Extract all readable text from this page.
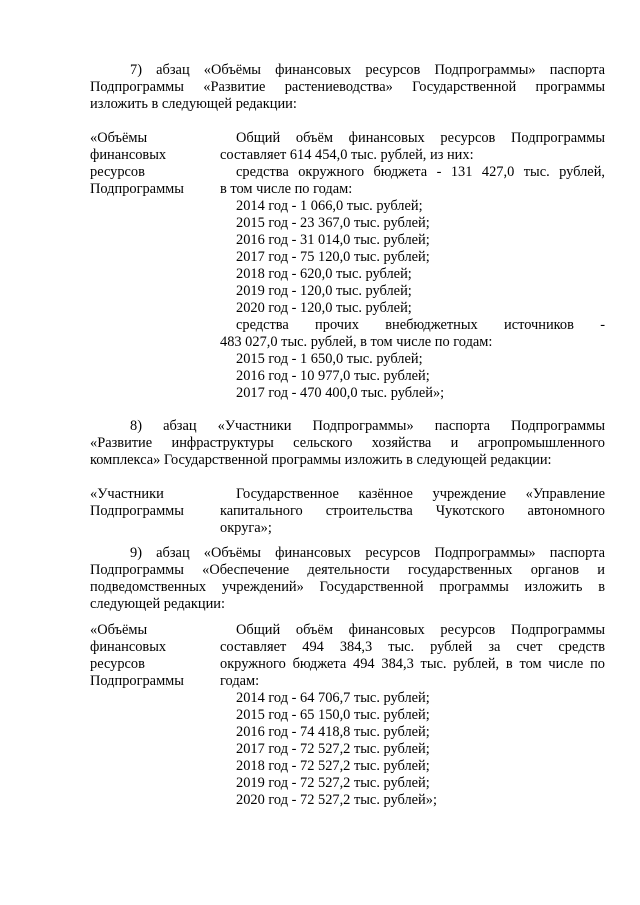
7) абзац «Объёмы финансовых ресурсов Подпрограммы» паспорта
Подпрограммы «Развитие растениеводства» Государственной программы
изложить в следующей редакции:
«Объёмы
финансовых
ресурсов
Подпрограммы
Общий объём финансовых ресурсов Подпрограммы
составляет 614 454,0 тыс. рублей, из них:
средства окружного бюджета - 131 427,0 тыс. рублей,
в том числе по годам:
2014 год - 1 066,0 тыс. рублей;
2015 год - 23 367,0 тыс. рублей;
2016 год - 31 014,0 тыс. рублей;
2017 год - 75 120,0 тыс. рублей;
2018 год - 620,0 тыс. рублей;
2019 год - 120,0 тыс. рублей;
2020 год - 120,0 тыс. рублей;
средства прочих внебюджетных источников -
483 027,0 тыс. рублей, в том числе по годам:
2015 год - 1 650,0 тыс. рублей;
2016 год - 10 977,0 тыс. рублей;
2017 год - 470 400,0 тыс. рублей»;
8) абзац «Участники Подпрограммы» паспорта Подпрограммы
«Развитие инфраструктуры сельского хозяйства и агропромышленного
комплекса» Государственной программы изложить в следующей редакции:
«Участники
Подпрограммы
Государственное казённое учреждение «Управление
капитального строительства Чукотского автономного
округа»;
9) абзац «Объёмы финансовых ресурсов Подпрограммы» паспорта
Подпрограммы «Обеспечение деятельности государственных органов и
подведомственных учреждений» Государственной программы изложить в
следующей редакции:
«Объёмы
финансовых
ресурсов
Подпрограммы
Общий объём финансовых ресурсов Подпрограммы
составляет 494 384,3 тыс. рублей за счет средств
окружного бюджета 494 384,3 тыс. рублей, в том числе по
годам:
2014 год - 64 706,7 тыс. рублей;
2015 год - 65 150,0 тыс. рублей;
2016 год - 74 418,8 тыс. рублей;
2017 год - 72 527,2 тыс. рублей;
2018 год - 72 527,2 тыс. рублей;
2019 год - 72 527,2 тыс. рублей;
2020 год - 72 527,2 тыс. рублей»;
